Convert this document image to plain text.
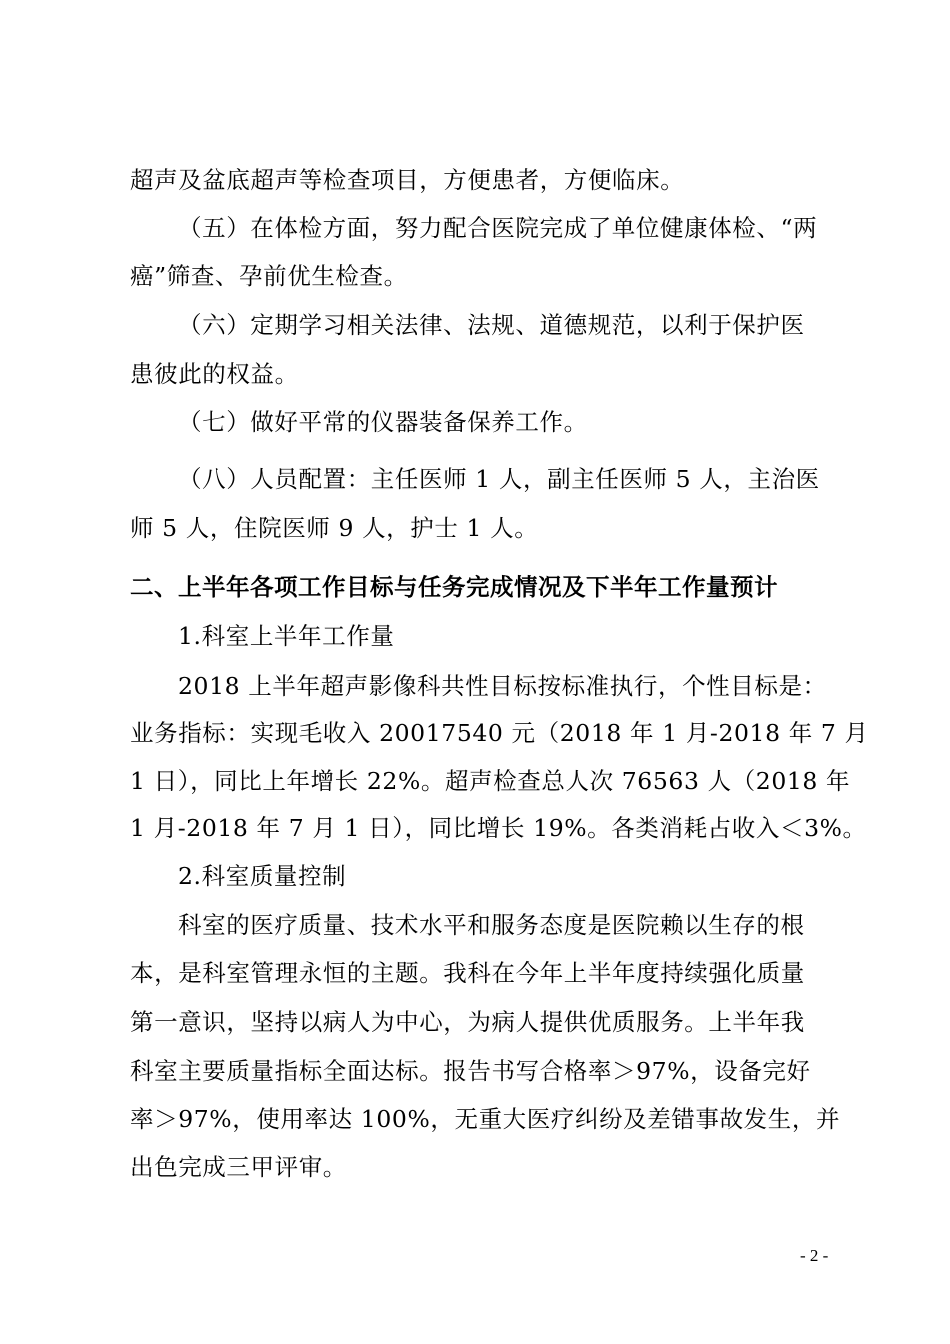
超声及盆底超声等检查项目，方便患者，方便临床。
（五）在体检方面，努力配合医院完成了单位健康体检、“两
癌”筛查、孕前优生检查。
（六）定期学习相关法律、法规、道德规范，以利于保护医
患彼此的权益。
（七）做好平常的仪器装备保养工作。
（八）人员配置：主任医师 1 人，副主任医师 5 人，主治医
师 5 人，住院医师 9 人，护士 1 人。
二、上半年各项工作目标与任务完成情况及下半年工作量预计
1.科室上半年工作量
2018 上半年超声影像科共性目标按标准执行，个性目标是：
业务指标：实现毛收入 20017540 元（2018 年 1 月-2018 年 7 月
1 日），同比上年增长 22%。超声检查总人次 76563 人（2018 年
1 月-2018 年 7 月 1 日），同比增长 19%。各类消耗占收入＜3%。
2.科室质量控制
科室的医疗质量、技术水平和服务态度是医院赖以生存的根
本，是科室管理永恒的主题。我科在今年上半年度持续强化质量
第一意识，坚持以病人为中心，为病人提供优质服务。上半年我
科室主要质量指标全面达标。报告书写合格率＞97%，设备完好
率＞97%，使用率达 100%，无重大医疗纠纷及差错事故发生，并
出色完成三甲评审。
- 2 -
